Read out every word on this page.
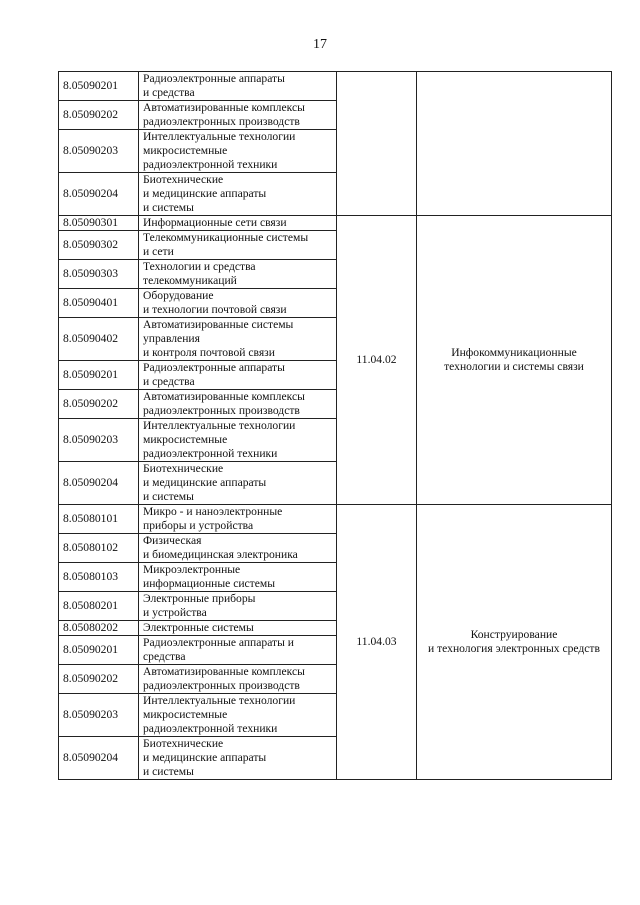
17
8.05090201	Радиоэлектронные аппараты
и средства		

8.05090202	Автоматизированные комплексы
радиоэлектронных производств		

8.05090203	Интеллектуальные технологии
микросистемные
радиоэлектронной техники		

8.05090204	Биотехнические
и медицинские аппараты
и системы		

8.05090301	Информационные сети связи	11.04.02	Инфокоммуникационные
технологии и системы связи

8.05090302	Телекоммуникационные системы
и сети		

8.05090303	Технологии и средства
телекоммуникаций		

8.05090401	Оборудование
и технологии почтовой связи		

8.05090402	Автоматизированные системы
управления
и контроля почтовой связи		

8.05090201	Радиоэлектронные аппараты
и средства		

8.05090202	Автоматизированные комплексы
радиоэлектронных производств		

8.05090203	Интеллектуальные технологии
микросистемные
радиоэлектронной техники		

8.05090204	Биотехнические
и медицинские аппараты
и системы		

8.05080101	Микро - и наноэлектронные
приборы и устройства	11.04.03	Конструирование
и технология электронных средств

8.05080102	Физическая
и биомедицинская электроника		

8.05080103	Микроэлектронные
информационные системы		

8.05080201	Электронные приборы
и устройства		

8.05080202	Электронные системы		

8.05090201	Радиоэлектронные аппараты и
средства		

8.05090202	Автоматизированные комплексы
радиоэлектронных производств		

8.05090203	Интеллектуальные технологии
микросистемные
радиоэлектронной техники		

8.05090204	Биотехнические
и медицинские аппараты
и системы		
